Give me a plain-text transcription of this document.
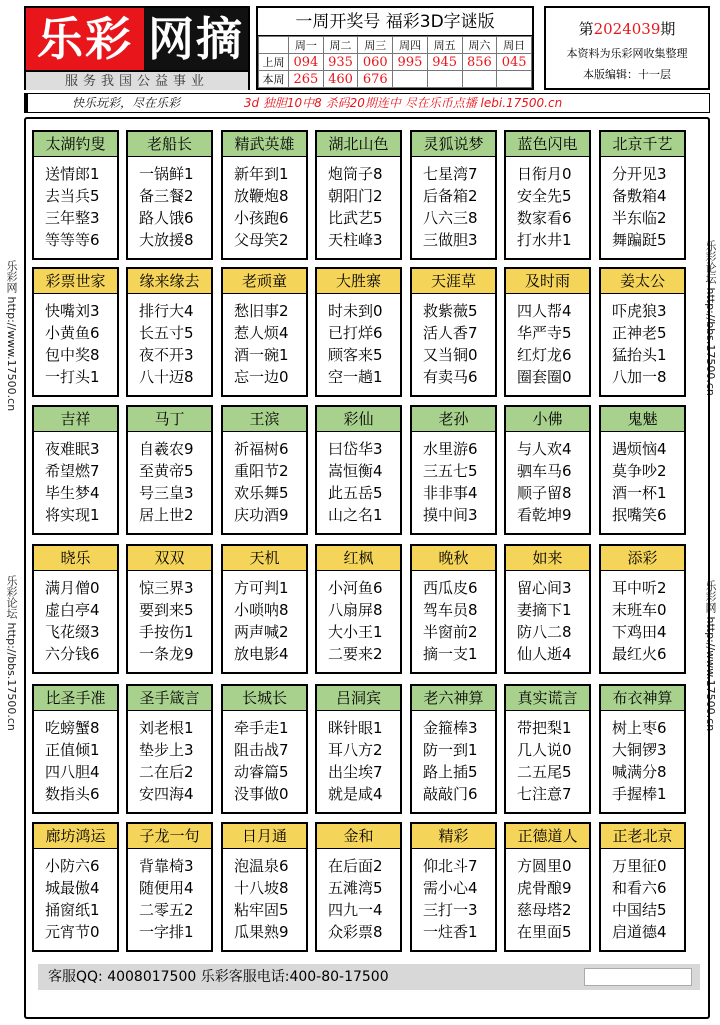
乐彩 网摘
服务我国公益事业
一周开奖号 福彩3D字谜版
	周一	周二	周三	周四	周五	周六	周日
上周	094	935	060	995	945	856	045
本周	265	460	676				
第2024039期
本资料为乐彩网收集整理
本版编辑：十一层
快乐玩彩，尽在乐彩	3d 独胆10中8 杀码20期连中 尽在乐币点播 lebi.17500.cn
乐彩网 http://www.17500.cn
乐彩论坛 http://bbs.17500.cn
乐彩论坛 http://bbs.17500.cn
乐彩网 http://www.17500.cn
太湖钓叟
送情郎1
去当兵5
三年整3
等等等6
老船长
一锅鲜1
备三餐2
路人饿6
大放援8
精武英雄
新年到1
放鞭炮8
小孩跑6
父母笑2
湖北山色
炮筒子8
朝阳门2
比武艺5
天柱峰3
灵狐说梦
七星湾7
后备箱2
八六三8
三做胆3
蓝色闪电
日衔月0
安全先5
数家看6
打水井1
北京千艺
分开见3
备敷箱4
半东临2
舞蹁跹5
彩票世家
快嘴刘3
小黄鱼6
包中奖8
一打头1
缘来缘去
排行大4
长五寸5
夜不开3
八十迈8
老顽童
愁旧事2
惹人烦4
酒一碗1
忘一边0
大胜寨
时未到0
已打烊6
顾客来5
空一趟1
天涯草
救紫薇5
活人香7
又当铜0
有卖马6
及时雨
四人帮4
华严寺5
红灯龙6
圈套圈0
姜太公
吓虎狼3
正神老5
猛抬头1
八加一8
吉祥
夜难眠3
希望燃7
毕生梦4
将实现1
马丁
自羲农9
至黄帝5
号三皇3
居上世2
王滨
祈福树6
重阳节2
欢乐舞5
庆功酒9
彩仙
曰岱华3
嵩恒衡4
此五岳5
山之名1
老孙
水里游6
三五七5
非非事4
摸中间3
小佛
与人欢4
驷车马6
顺子留8
看乾坤9
鬼魅
遇烦恼4
莫争吵2
酒一杯1
抿嘴笑6
晓乐
满月僧0
虚白亭4
飞花缀3
六分钱6
双双
惊三界3
要到来5
手按伤1
一条龙9
天机
方可判1
小唢呐8
两声喊2
放电影4
红枫
小河鱼6
八扇屏8
大小王1
二要来2
晚秋
西瓜皮6
驾车员8
半窗前2
摘一支1
如来
留心间3
妻摘下1
防八二8
仙人逝4
添彩
耳中听2
末班车0
下鸡田4
最红火6
比圣手准
吃螃蟹8
正值倾1
四八胆4
数指头6
圣手箴言
刘老根1
垫步上3
二在后2
安四海4
长城长
牵手走1
阻击战7
动睿篇5
没事做0
吕洞宾
眯针眼1
耳八方2
出尘埃7
就是咸4
老六神算
金箍棒3
防一到1
路上插5
敲敲门6
真实谎言
带把梨1
几人说0
二五尾5
七注意7
布衣神算
树上枣6
大铜锣3
喊满分8
手握棒1
廊坊鸿运
小防六6
城最傲4
捅窗纸1
元宵节0
子龙一句
背靠椅3
随便用4
二零五2
一字排1
日月通
泡温泉6
十八坡8
粘牢固5
瓜果熟9
金和
在后面2
五滩湾5
四九一4
众彩票8
精彩
仰北斗7
需小心4
三打一3
一炷香1
正德道人
方圆里0
虎骨酿9
慈母塔2
在里面5
正老北京
万里征0
和看六6
中国结5
启道德4
客服QQ: 4008017500 乐彩客服电话:400-80-17500
